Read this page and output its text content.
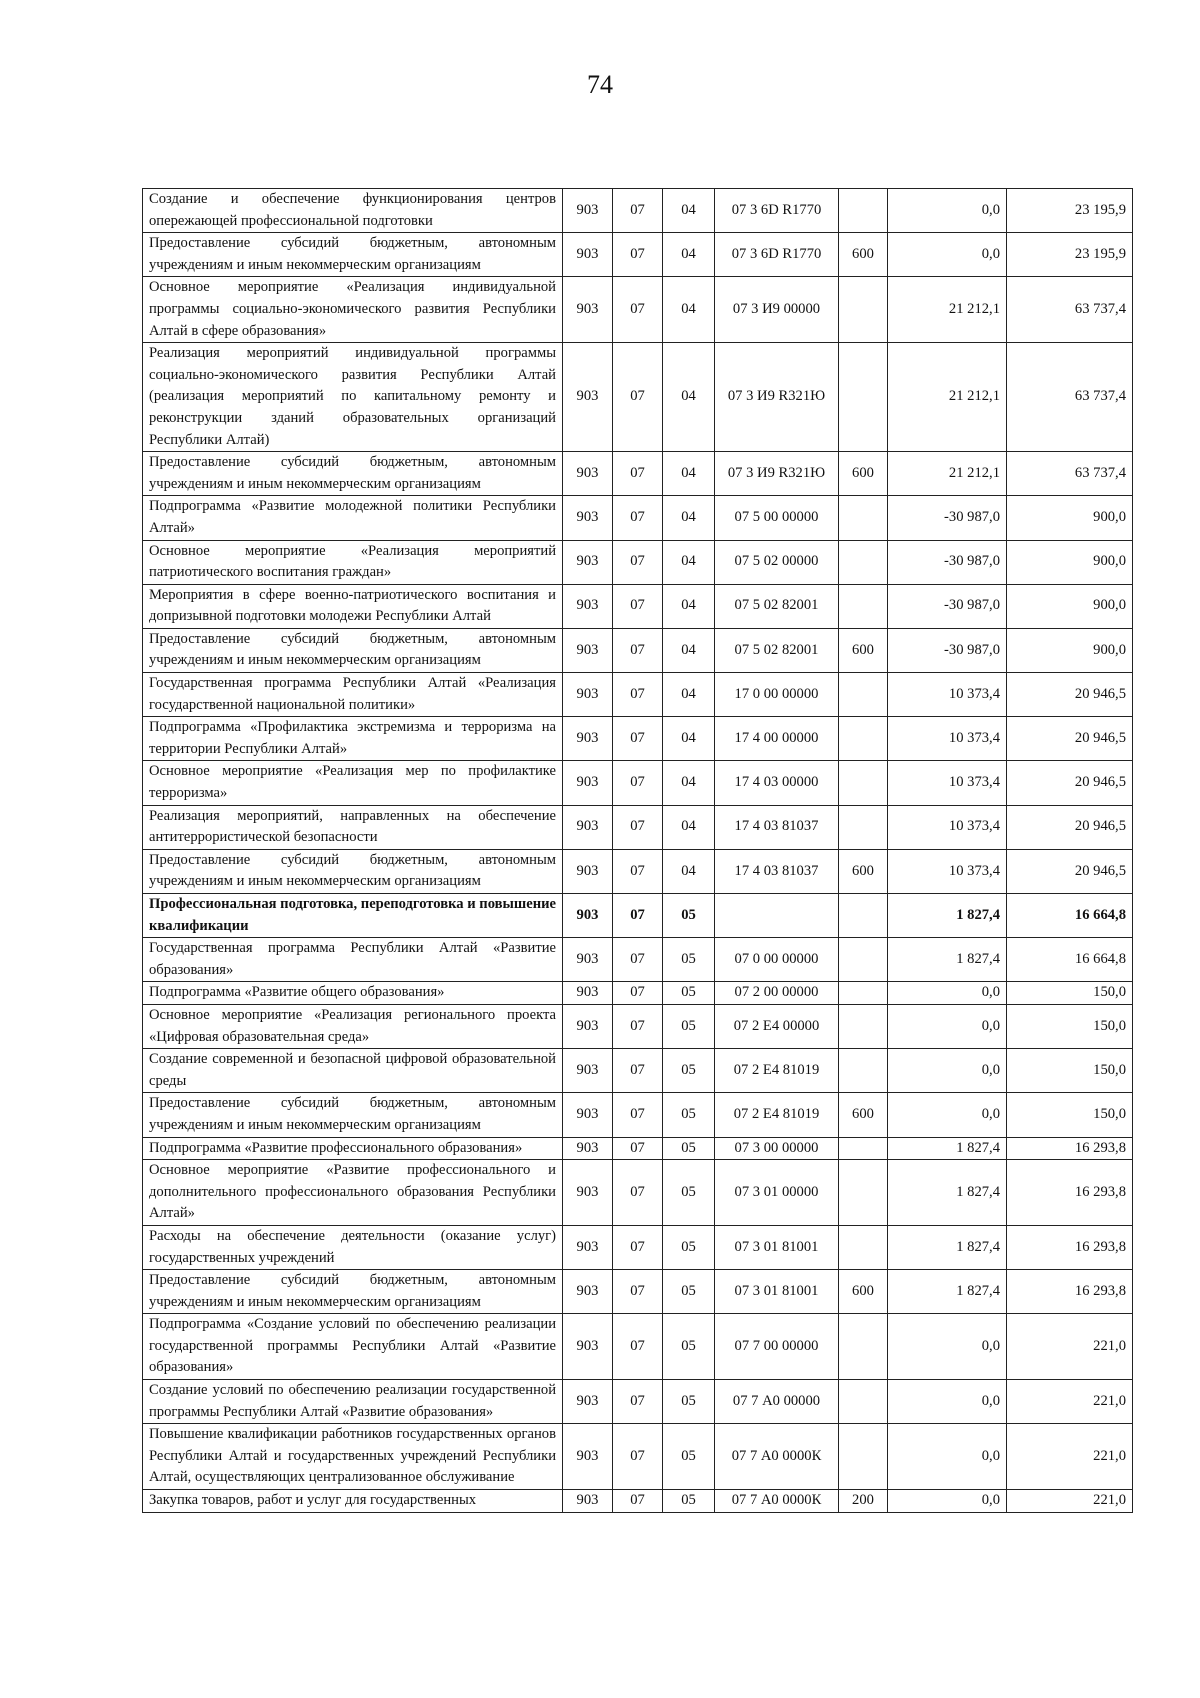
74
Создание и обеспечение функционирования центров опережающей профессиональной подготовки	903	07	04	07 3 6D R1770		0,0	23 195,9
Предоставление субсидий бюджетным, автономным учреждениям и иным некоммерческим организациям	903	07	04	07 3 6D R1770	600	0,0	23 195,9
Основное мероприятие «Реализация индивидуальной программы социально-экономического развития Республики Алтай в сфере образования»	903	07	04	07 3 И9 00000		21 212,1	63 737,4
Реализация мероприятий индивидуальной программы социально-экономического развития Республики Алтай (реализация мероприятий по капитальному ремонту и реконструкции зданий образовательных организаций Республики Алтай)	903	07	04	07 3 И9 R321Ю		21 212,1	63 737,4
Предоставление субсидий бюджетным, автономным учреждениям и иным некоммерческим организациям	903	07	04	07 3 И9 R321Ю	600	21 212,1	63 737,4
Подпрограмма «Развитие молодежной политики Республики Алтай»	903	07	04	07 5 00 00000		-30 987,0	900,0
Основное мероприятие «Реализация мероприятий патриотического воспитания граждан»	903	07	04	07 5 02 00000		-30 987,0	900,0
Мероприятия в сфере военно-патриотического воспитания и допризывной подготовки молодежи Республики Алтай	903	07	04	07 5 02 82001		-30 987,0	900,0
Предоставление субсидий бюджетным, автономным учреждениям и иным некоммерческим организациям	903	07	04	07 5 02 82001	600	-30 987,0	900,0
Государственная программа Республики Алтай «Реализация государственной национальной политики»	903	07	04	17 0 00 00000		10 373,4	20 946,5
Подпрограмма «Профилактика экстремизма и терроризма на территории Республики Алтай»	903	07	04	17 4 00 00000		10 373,4	20 946,5
Основное мероприятие «Реализация мер по профилактике терроризма»	903	07	04	17 4 03 00000		10 373,4	20 946,5
Реализация мероприятий, направленных на обеспечение антитеррористической безопасности	903	07	04	17 4 03 81037		10 373,4	20 946,5
Предоставление субсидий бюджетным, автономным учреждениям и иным некоммерческим организациям	903	07	04	17 4 03 81037	600	10 373,4	20 946,5
Профессиональная подготовка, переподготовка и повышение квалификации	903	07	05			1 827,4	16 664,8
Государственная программа Республики Алтай «Развитие образования»	903	07	05	07 0 00 00000		1 827,4	16 664,8
Подпрограмма «Развитие общего образования»	903	07	05	07 2 00 00000		0,0	150,0
Основное мероприятие «Реализация регионального проекта «Цифровая образовательная среда»	903	07	05	07 2 E4 00000		0,0	150,0
Создание современной и безопасной цифровой образовательной среды	903	07	05	07 2 E4 81019		0,0	150,0
Предоставление субсидий бюджетным, автономным учреждениям и иным некоммерческим организациям	903	07	05	07 2 E4 81019	600	0,0	150,0
Подпрограмма «Развитие профессионального образования»	903	07	05	07 3 00 00000		1 827,4	16 293,8
Основное мероприятие «Развитие профессионального и дополнительного профессионального образования Республики Алтай»	903	07	05	07 3 01 00000		1 827,4	16 293,8
Расходы на обеспечение деятельности (оказание услуг) государственных учреждений	903	07	05	07 3 01 81001		1 827,4	16 293,8
Предоставление субсидий бюджетным, автономным учреждениям и иным некоммерческим организациям	903	07	05	07 3 01 81001	600	1 827,4	16 293,8
Подпрограмма «Создание условий по обеспечению реализации государственной программы Республики Алтай «Развитие образования»	903	07	05	07 7 00 00000		0,0	221,0
Создание условий по обеспечению реализации государственной программы Республики Алтай «Развитие образования»	903	07	05	07 7 А0 00000		0,0	221,0
Повышение квалификации работников государственных органов Республики Алтай и государственных учреждений Республики Алтай, осуществляющих централизованное обслуживание	903	07	05	07 7 А0 0000К		0,0	221,0
Закупка товаров, работ и услуг для государственных	903	07	05	07 7 А0 0000К	200	0,0	221,0
